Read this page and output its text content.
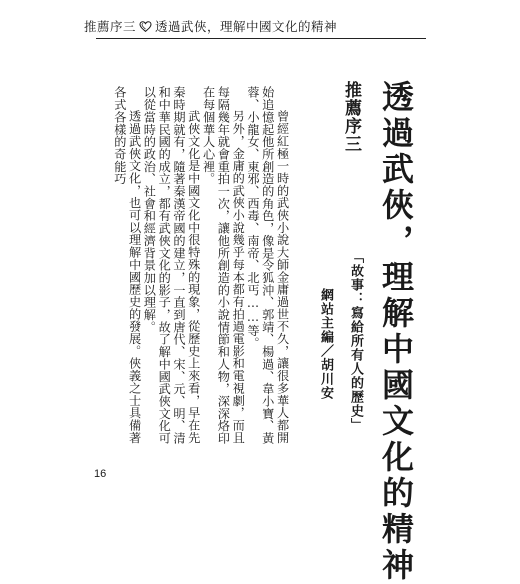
推薦序三 透過武俠，理解中國文化的精神
推薦序三 透過武俠，理解中國文化的精神
「故事：寫給所有人的歷史」
網站主編／胡川安

曾經紅極一時的武俠小說大師金庸過世不久，讓很多華人都開始追憶起他所創造的角色，像是令狐沖、郭靖、楊過、韋小寶、黃蓉、小龍女、東邪、西毒、南帝、北丐……等。

另外，金庸的武俠小說幾乎每本都有拍過電影和電視劇，而且每隔幾年就會重拍一次，讓他所創造的小說情節和人物，深深烙印在每個華人心裡。

武俠文化是中國文化中很特殊的現象，從歷史上來看，早在先秦時期就有，隨著秦漢帝國的建立，一直到唐代、宋、元、明、清和中華民國的成立，都有武俠文化的影子，故了解中國武俠文化可以從當時的政治、社會和經濟背景加以理解。

透過武俠文化，也可以理解中國歷史的發展。俠義之士具備著各式各樣的奇能巧

16
